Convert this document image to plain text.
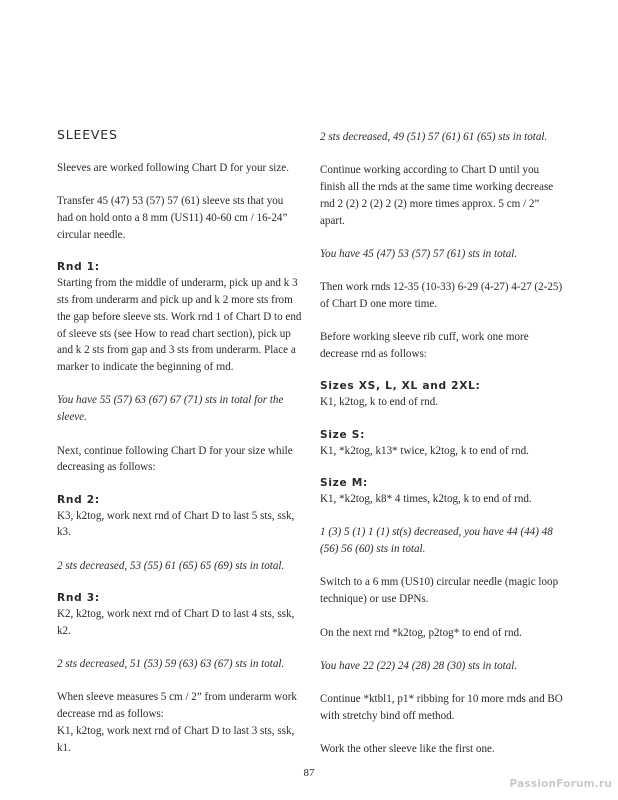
SLEEVES

Sleeves are worked following Chart D for your size.

Transfer 45 (47) 53 (57) 57 (61) sleeve sts that you had on hold onto a 8 mm (US11) 40-60 cm / 16-24” circular needle.

Rnd 1:

Starting from the middle of underarm, pick up and k 3 sts from underarm and pick up and k 2 more sts from the gap before sleeve sts. Work rnd 1 of Chart D to end of sleeve sts (see How to read chart section), pick up and k 2 sts from gap and 3 sts from underarm. Place a marker to indicate the beginning of rnd.

You have 55 (57) 63 (67) 67 (71) sts in total for the sleeve.

Next, continue following Chart D for your size while decreasing as follows:

Rnd 2:

K3, k2tog, work next rnd of Chart D to last 5 sts, ssk, k3.

2 sts decreased, 53 (55) 61 (65) 65 (69) sts in total.

Rnd 3:

K2, k2tog, work next rnd of Chart D to last 4 sts, ssk, k2.

2 sts decreased, 51 (53) 59 (63) 63 (67) sts in total.

When sleeve measures 5 cm / 2” from underarm work decrease rnd as follows:

K1, k2tog, work next rnd of Chart D to last 3 sts, ssk, k1.

2 sts decreased, 49 (51) 57 (61) 61 (65) sts in total.

Continue working according to Chart D until you finish all the rnds at the same time working decrease rnd 2 (2) 2 (2) 2 (2) more times approx. 5 cm / 2” apart.

You have 45 (47) 53 (57) 57 (61) sts in total.

Then work rnds 12-35 (10-33) 6-29 (4-27) 4-27 (2-25) of Chart D one more time.

Before working sleeve rib cuff, work one more decrease rnd as follows:

Sizes XS, L, XL and 2XL:

K1, k2tog, k to end of rnd.

Size S:

K1, *k2tog, k13* twice, k2tog, k to end of rnd.

Size M:

K1, *k2tog, k8* 4 times, k2tog, k to end of rnd.

1 (3) 5 (1) 1 (1) st(s) decreased, you have 44 (44) 48 (56) 56 (60) sts in total.

Switch to a 6 mm (US10) circular needle (magic loop technique) or use DPNs.

On the next rnd *k2tog, p2tog* to end of rnd.

You have 22 (22) 24 (28) 28 (30) sts in total.

Continue *ktbl1, p1* ribbing for 10 more rnds and BO with stretchy bind off method.

Work the other sleeve like the first one.

87
PassionForum.ru
